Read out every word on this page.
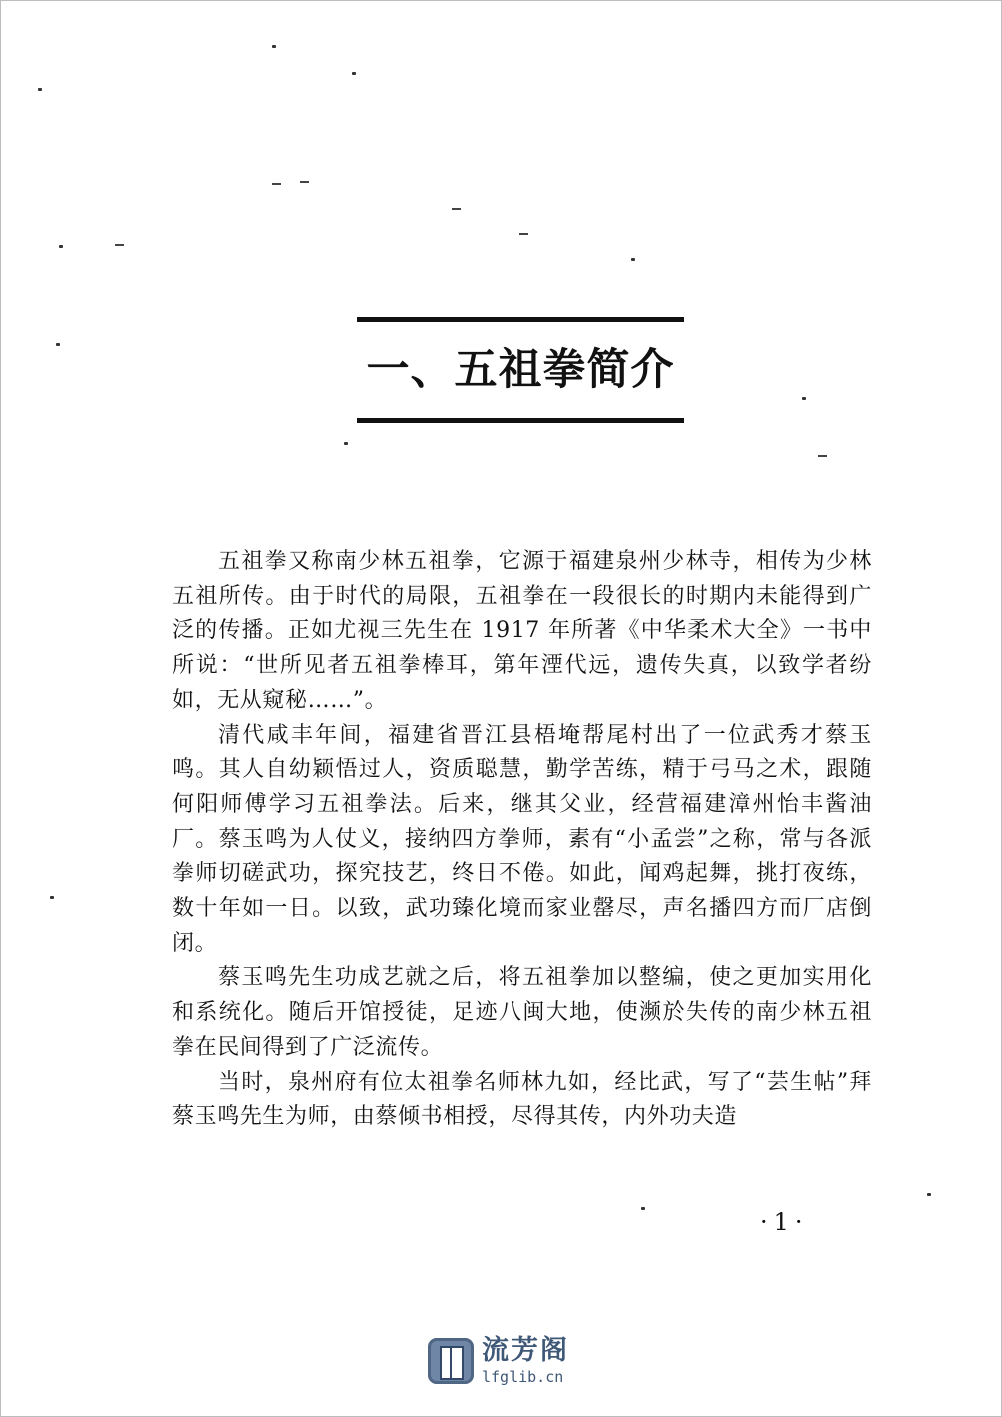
一、五祖拳简介

五祖拳又称南少林五祖拳，它源于福建泉州少林寺，相传为少林五祖所传。由于时代的局限，五祖拳在一段很长的时期内未能得到广泛的传播。正如尤视三先生在 1917 年所著《中华柔术大全》一书中所说：“世所见者五祖拳棒耳，第年湮代远，遗传失真，以致学者纷如，无从窥秘……”。

清代咸丰年间，福建省晋江县梧埯帮尾村出了一位武秀才蔡玉鸣。其人自幼颖悟过人，资质聪慧，勤学苦练，精于弓马之术，跟随何阳师傅学习五祖拳法。后来，继其父业，经营福建漳州怡丰酱油厂。蔡玉鸣为人仗义，接纳四方拳师，素有“小孟尝”之称，常与各派拳师切磋武功，探究技艺，终日不倦。如此，闻鸡起舞，挑打夜练，数十年如一日。以致，武功臻化境而家业罄尽，声名播四方而厂店倒闭。

蔡玉鸣先生功成艺就之后，将五祖拳加以整编，使之更加实用化和系统化。随后开馆授徒，足迹八闽大地，使濒於失传的南少林五祖拳在民间得到了广泛流传。

当时，泉州府有位太祖拳名师林九如，经比武，写了“芸生帖”拜蔡玉鸣先生为师，由蔡倾书相授，尽得其传，内外功夫造

·1·
流芳阁
lfglib.cn
